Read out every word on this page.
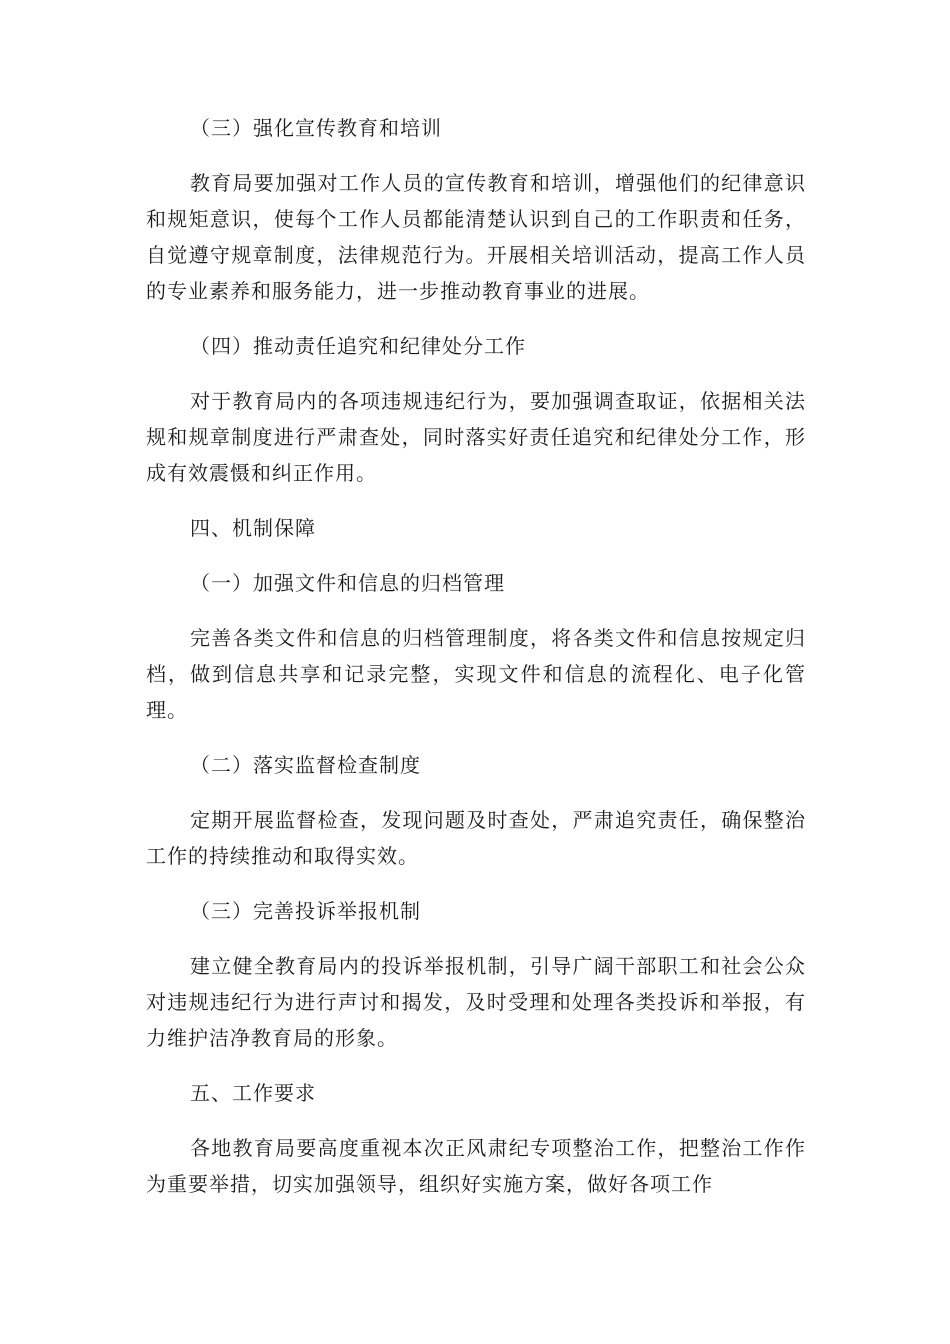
（三）强化宣传教育和培训
教育局要加强对工作人员的宣传教育和培训，增强他们的纪律意识和规矩意识，使每个工作人员都能清楚认识到自己的工作职责和任务，自觉遵守规章制度，法律规范行为。开展相关培训活动，提高工作人员的专业素养和服务能力，进一步推动教育事业的进展。
（四）推动责任追究和纪律处分工作
对于教育局内的各项违规违纪行为，要加强调查取证，依据相关法规和规章制度进行严肃查处，同时落实好责任追究和纪律处分工作，形成有效震慑和纠正作用。
四、机制保障
（一）加强文件和信息的归档管理
完善各类文件和信息的归档管理制度，将各类文件和信息按规定归档，做到信息共享和记录完整，实现文件和信息的流程化、电子化管理。
（二）落实监督检查制度
定期开展监督检查，发现问题及时查处，严肃追究责任，确保整治工作的持续推动和取得实效。
（三）完善投诉举报机制
建立健全教育局内的投诉举报机制，引导广阔干部职工和社会公众对违规违纪行为进行声讨和揭发，及时受理和处理各类投诉和举报，有力维护洁净教育局的形象。
五、工作要求
各地教育局要高度重视本次正风肃纪专项整治工作，把整治工作作为重要举措，切实加强领导，组织好实施方案，做好各项工作
